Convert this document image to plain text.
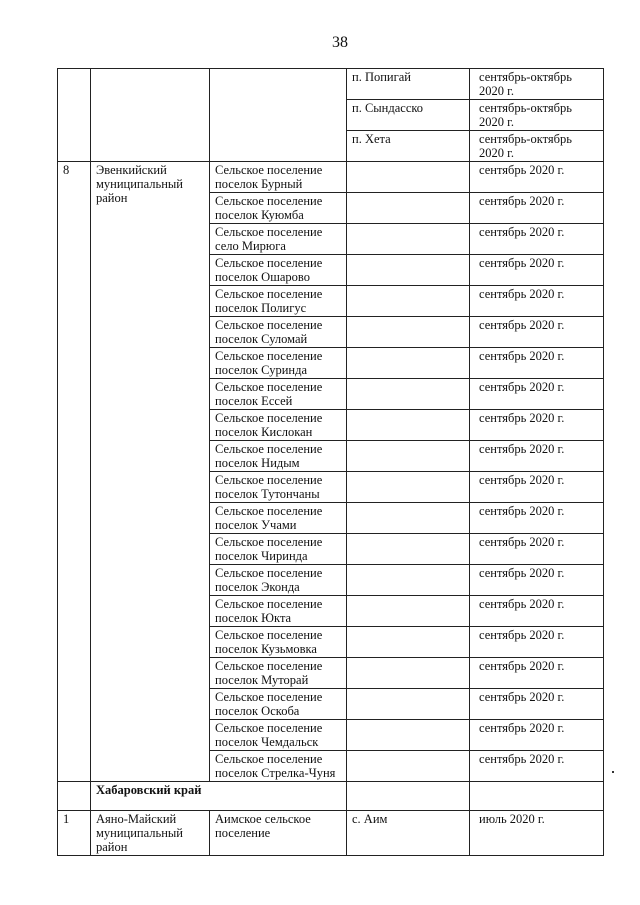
38
			п. Попигай	сентябрь-октябрь 2020 г.
			п. Сындасско	сентябрь-октябрь 2020 г.
			п. Хета	сентябрь-октябрь 2020 г.
8	Эвенкийский муниципальный район	Сельское поселение поселок Бурный		сентябрь 2020 г.
		Сельское поселение поселок Куюмба		сентябрь 2020 г.
		Сельское поселение село Мирюга		сентябрь 2020 г.
		Сельское поселение поселок Ошарово		сентябрь 2020 г.
		Сельское поселение поселок Полигус		сентябрь 2020 г.
		Сельское поселение поселок Суломай		сентябрь 2020 г.
		Сельское поселение поселок Суринда		сентябрь 2020 г.
		Сельское поселение поселок Ессей		сентябрь 2020 г.
		Сельское поселение поселок Кислокан		сентябрь 2020 г.
		Сельское поселение поселок Нидым		сентябрь 2020 г.
		Сельское поселение поселок Тутончаны		сентябрь 2020 г.
		Сельское поселение поселок Учами		сентябрь 2020 г.
		Сельское поселение поселок Чиринда		сентябрь 2020 г.
		Сельское поселение поселок Эконда		сентябрь 2020 г.
		Сельское поселение поселок Юкта		сентябрь 2020 г.
		Сельское поселение поселок Кузьмовка		сентябрь 2020 г.
		Сельское поселение поселок Муторай		сентябрь 2020 г.
		Сельское поселение поселок Оскоба		сентябрь 2020 г.
		Сельское поселение поселок Чемдальск		сентябрь 2020 г.
		Сельское поселение поселок Стрелка-Чуня		сентябрь 2020 г.
	Хабаровский край			
1	Аяно-Майский муниципальный район	Аимское сельское поселение	с. Аим	июль 2020 г.
